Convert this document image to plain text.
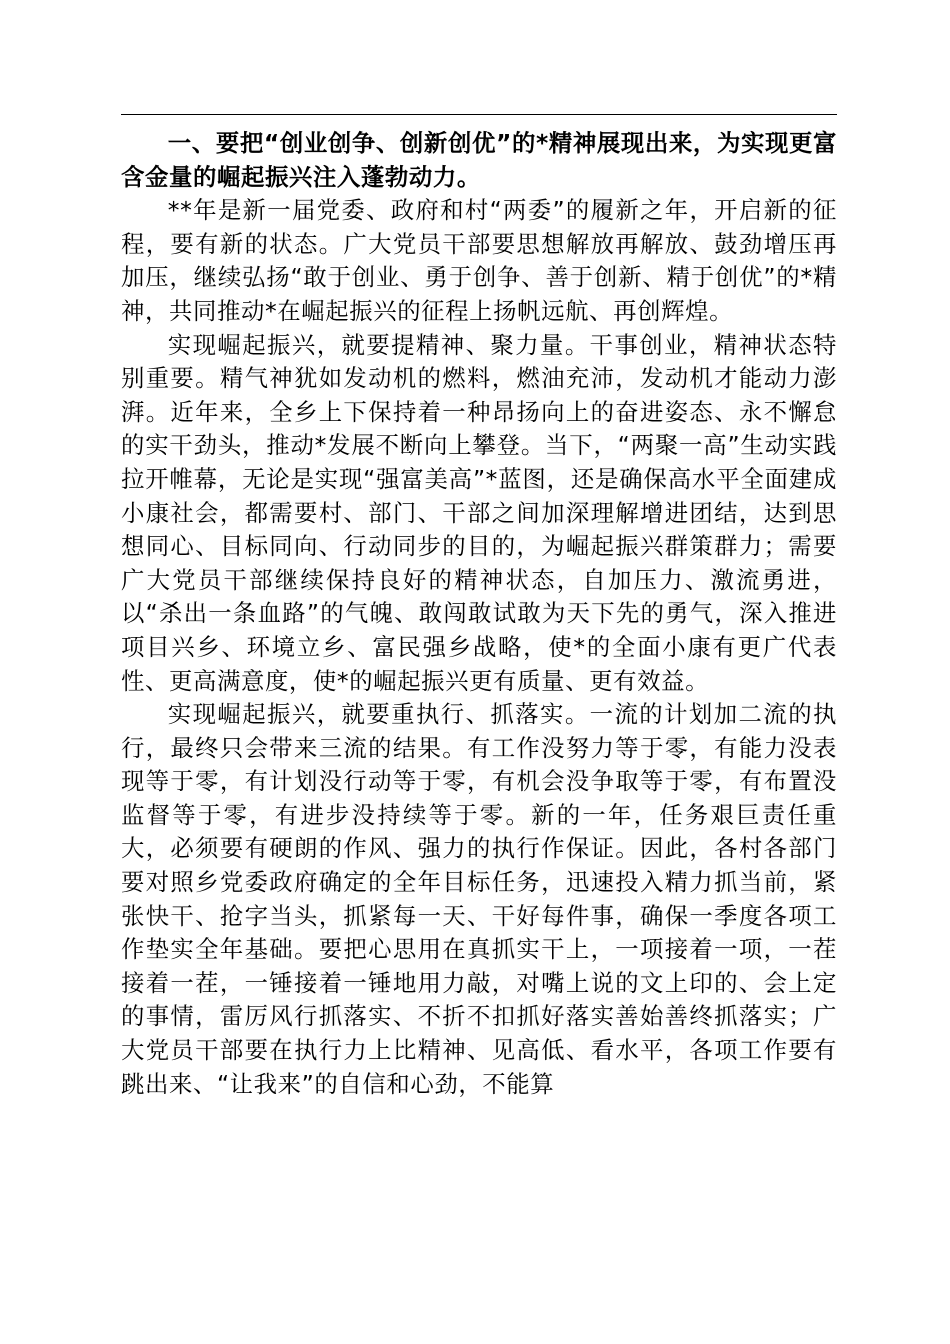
一、要把“创业创争、创新创优”的*精神展现出来，为实现更富含金量的崛起振兴注入蓬勃动力。

**年是新一届党委、政府和村“两委”的履新之年，开启新的征程，要有新的状态。广大党员干部要思想解放再解放、鼓劲增压再加压，继续弘扬“敢于创业、勇于创争、善于创新、精于创优”的*精神，共同推动*在崛起振兴的征程上扬帆远航、再创辉煌。

实现崛起振兴，就要提精神、聚力量。干事创业，精神状态特别重要。精气神犹如发动机的燃料，燃油充沛，发动机才能动力澎湃。近年来，全乡上下保持着一种昂扬向上的奋进姿态、永不懈怠的实干劲头，推动*发展不断向上攀登。当下，“两聚一高”生动实践拉开帷幕，无论是实现“强富美高”*蓝图，还是确保高水平全面建成小康社会，都需要村、部门、干部之间加深理解增进团结，达到思想同心、目标同向、行动同步的目的，为崛起振兴群策群力；需要广大党员干部继续保持良好的精神状态，自加压力、激流勇进，以“杀出一条血路”的气魄、敢闯敢试敢为天下先的勇气，深入推进项目兴乡、环境立乡、富民强乡战略，使*的全面小康有更广代表性、更高满意度，使*的崛起振兴更有质量、更有效益。

实现崛起振兴，就要重执行、抓落实。一流的计划加二流的执行，最终只会带来三流的结果。有工作没努力等于零，有能力没表现等于零，有计划没行动等于零，有机会没争取等于零，有布置没监督等于零，有进步没持续等于零。新的一年，任务艰巨责任重大，必须要有硬朗的作风、强力的执行作保证。因此，各村各部门要对照乡党委政府确定的全年目标任务，迅速投入精力抓当前，紧张快干、抢字当头，抓紧每一天、干好每件事，确保一季度各项工作垫实全年基础。要把心思用在真抓实干上，一项接着一项，一茬接着一茬，一锤接着一锤地用力敲，对嘴上说的文上印的、会上定的事情，雷厉风行抓落实、不折不扣抓好落实善始善终抓落实；广大党员干部要在执行力上比精神、见高低、看水平，各项工作要有跳出来、“让我来”的自信和心劲，不能算
